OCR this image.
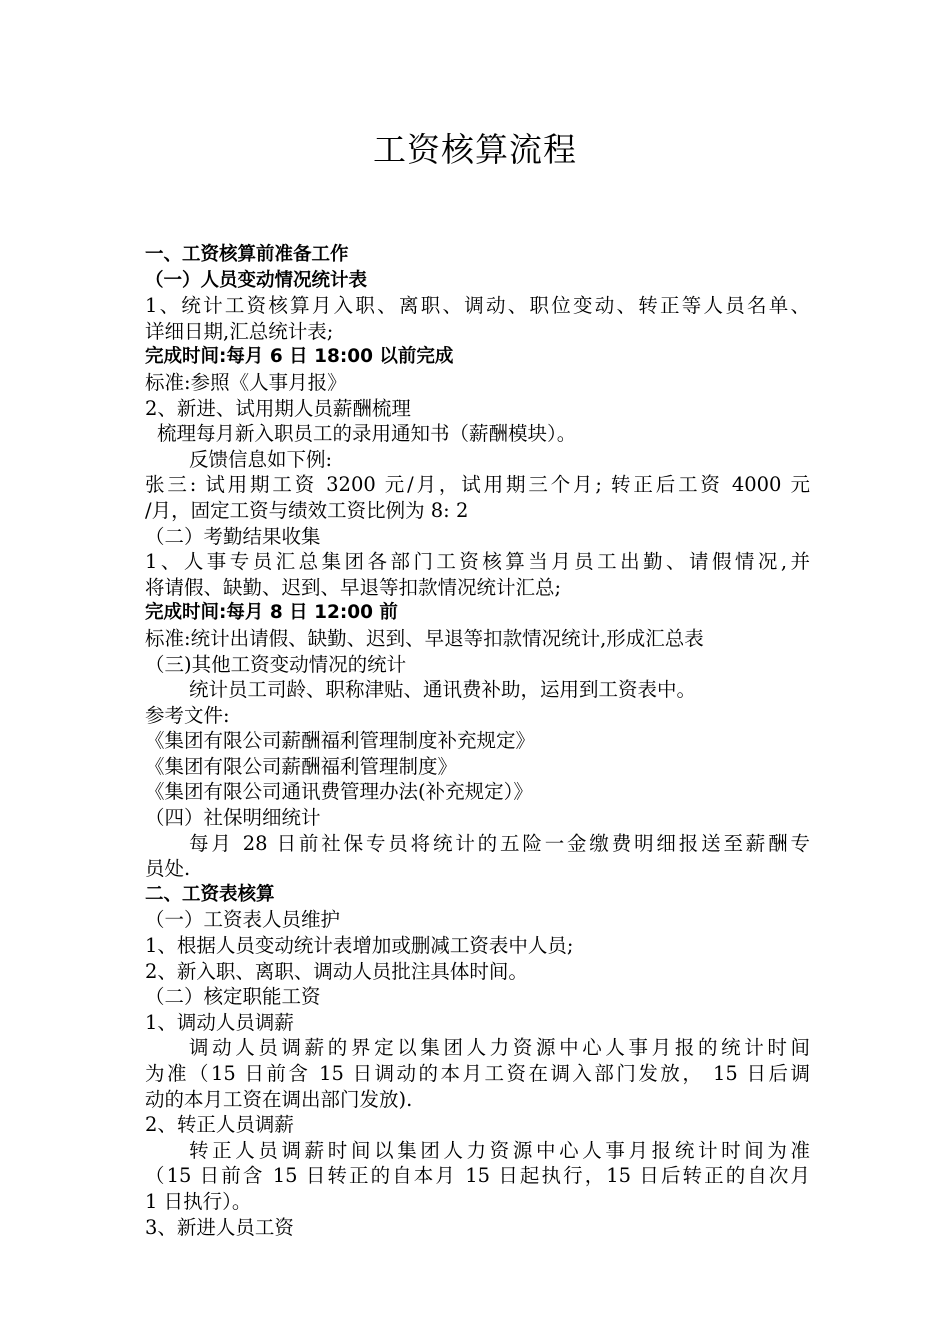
工资核算流程
一、工资核算前准备工作
（一）人员变动情况统计表
1、统计工资核算月入职、离职、调动、职位变动、转正等人员名单、
详细日期,汇总统计表;
完成时间:每月 6 日 18:00 以前完成
标准:参照《人事月报》
2、新进、试用期人员薪酬梳理
梳理每月新入职员工的录用通知书（薪酬模块）。
反馈信息如下例:
张三: 试用期工资 3200 元/月，试用期三个月; 转正后工资 4000 元
/月，固定工资与绩效工资比例为 8: 2
（二）考勤结果收集
1、人事专员汇总集团各部门工资核算当月员工出勤、请假情况,并
将请假、缺勤、迟到、早退等扣款情况统计汇总;
完成时间:每月 8 日 12:00 前
标准:统计出请假、缺勤、迟到、早退等扣款情况统计,形成汇总表
（三)其他工资变动情况的统计
统计员工司龄、职称津贴、通讯费补助，运用到工资表中。
参考文件:
《集团有限公司薪酬福利管理制度补充规定》
《集团有限公司薪酬福利管理制度》
《集团有限公司通讯费管理办法(补充规定）》
（四）社保明细统计
每月 28 日前社保专员将统计的五险一金缴费明细报送至薪酬专
员处.
二、工资表核算
（一）工资表人员维护
1、根据人员变动统计表增加或删减工资表中人员;
2、新入职、离职、调动人员批注具体时间。
（二）核定职能工资
1、调动人员调薪
调动人员调薪的界定以集团人力资源中心人事月报的统计时间
为准（15 日前含 15 日调动的本月工资在调入部门发放， 15 日后调
动的本月工资在调出部门发放).
2、转正人员调薪
转正人员调薪时间以集团人力资源中心人事月报统计时间为准
（15 日前含 15 日转正的自本月 15 日起执行，15 日后转正的自次月
1 日执行）。
3、新进人员工资
